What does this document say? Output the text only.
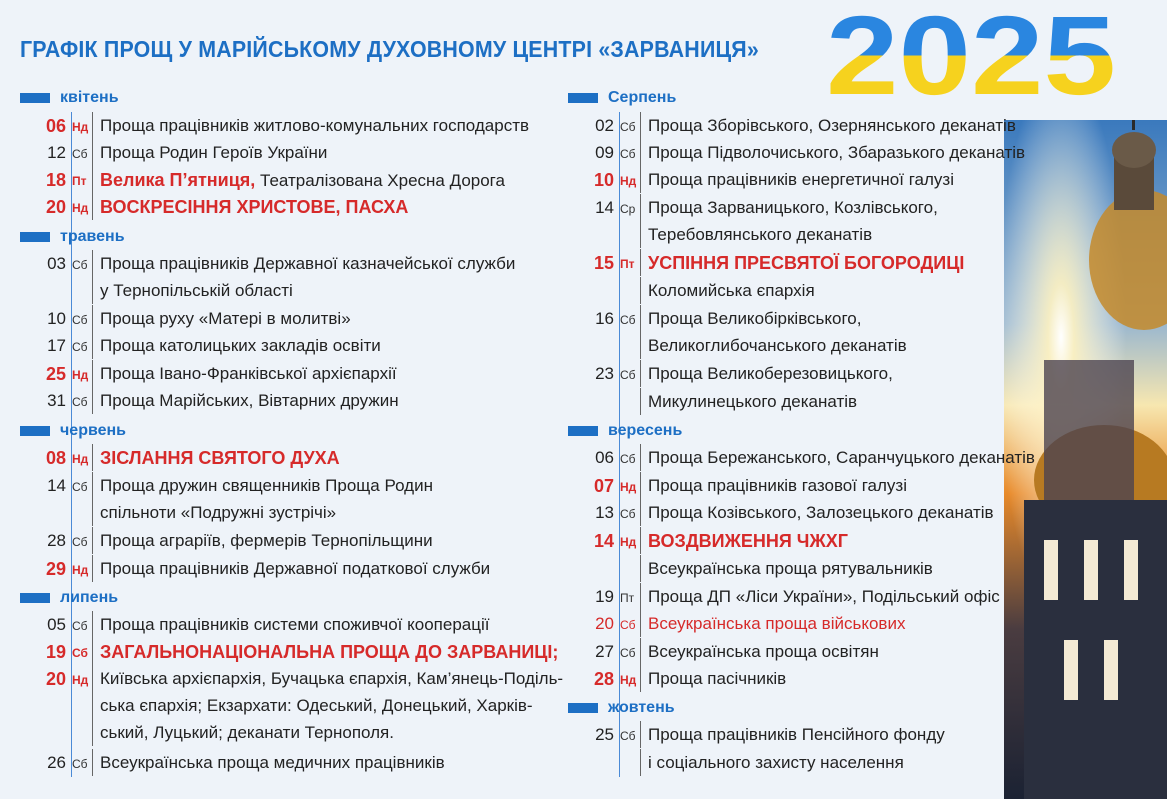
ГРАФІК ПРОЩ У МАРІЙСЬКОМУ ДУХОВНОМУ ЦЕНТРІ «ЗАРВАНИЦЯ» 2025
квітень
06 Нд Проща працівників житлово-комунальних господарств
12 Сб Проща Родин Героїв України
18 Пт Велика П’ятниця, Театралізована Хресна Дорога
20 Нд ВОСКРЕСІННЯ ХРИСТОВЕ, ПАСХА
травень
03 Сб Проща працівників Державної казначейської служби
у Тернопільській області
10 Сб Проща руху «Матері в молитві»
17 Сб Проща католицьких закладів освіти
25 Нд Проща Івано-Франківської архієпархії
31 Сб Проща Марійських, Вівтарних дружин
червень
08 Нд ЗІСЛАННЯ СВЯТОГО ДУХА
14 Сб Проща дружин священників Проща Родин
спільноти «Подружні зустрічі»
28 Сб Проща аграріїв, фермерів Тернопільщини
29 Нд Проща працівників Державної податкової служби
липень
05 Сб Проща працівників системи споживчої кооперації
19 Сб ЗАГАЛЬНОНАЦІОНАЛЬНА ПРОЩА ДО ЗАРВАНИЦІ;
20 Нд Київська архієпархія, Бучацька єпархія, Кам’янець-Поділь-
ська єпархія; Екзархати: Одеський, Донецький, Харків-
ський, Луцький; деканати Тернополя.
26 Сб Всеукраїнська проща медичних працівників
Серпень
02 Сб Проща Зборівського, Озернянського деканатів
09 Сб Проща Підволочиського, Збаразького деканатів
10 Нд Проща працівників енергетичної галузі
14 Ср Проща Зарваницького, Козлівського,
Теребовлянського деканатів
15 Пт УСПІННЯ ПРЕСВЯТОЇ БОГОРОДИЦІ
Коломийська єпархія
16 Сб Проща Великобірківського,
Великоглибочанського деканатів
23 Сб Проща Великоберезовицького,
Микулинецького деканатів
вересень
06 Сб Проща Бережанського, Саранчуцького деканатів
07 Нд Проща працівників газової галузі
13 Сб Проща Козівського, Залозецького деканатів
14 Нд ВОЗДВИЖЕННЯ ЧЖХГ
Всеукраїнська проща рятувальників
19 Пт Проща ДП «Ліси України», Подільський офіс
20 Сб Всеукраїнська проща військових
27 Сб Всеукраїнська проща освітян
28 Нд Проща пасічників
жовтень
25 Сб Проща працівників Пенсійного фонду
і соціального захисту населення
